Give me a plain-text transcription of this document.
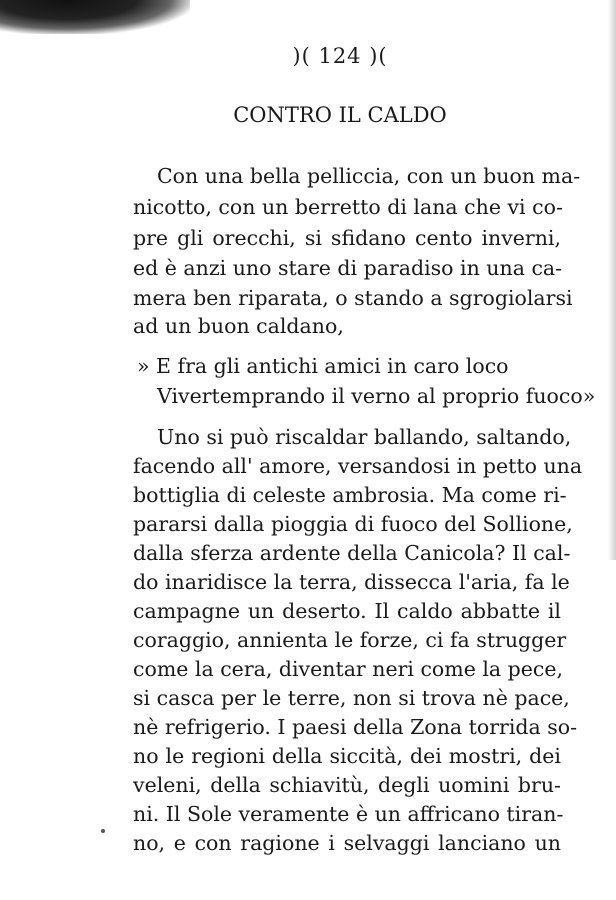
)( 124 )(
CONTRO IL CALDO
Con una bella pelliccia, con un buon ma-
nicotto, con un berretto di lana che vi co-
pre gli orecchi, si sfidano cento inverni,
ed è anzi uno stare di paradiso in una ca-
mera ben riparata, o stando a sgrogiolarsi
ad un buon caldano,
» E fra gli antichi amici in caro loco
Vivertemprando il verno al proprio fuoco»
Uno si può riscaldar ballando, saltando,
facendo all' amore, versandosi in petto una
bottiglia di celeste ambrosia. Ma come ri-
pararsi dalla pioggia di fuoco del Sollione,
dalla sferza ardente della Canicola? Il cal-
do inaridisce la terra, dissecca l'aria, fa le
campagne un deserto. Il caldo abbatte il
coraggio, annienta le forze, ci fa strugger
come la cera, diventar neri come la pece,
si casca per le terre, non si trova nè pace,
nè refrigerio. I paesi della Zona torrida so-
no le regioni della siccità, dei mostri, dei
veleni, della schiavitù, degli uomini bru-
ni. Il Sole veramente è un affricano tiran-
no, e con ragione i selvaggi lanciano un
